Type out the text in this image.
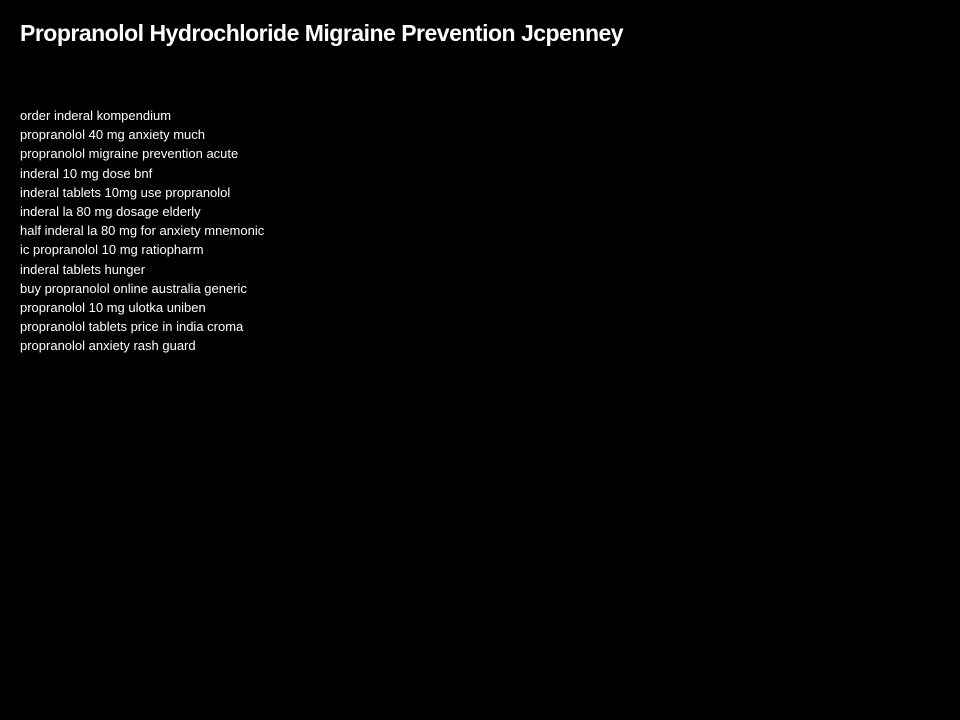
Propranolol Hydrochloride Migraine Prevention Jcpenney
order inderal kompendium
propranolol 40 mg anxiety much
propranolol migraine prevention acute
inderal 10 mg dose bnf
inderal tablets 10mg use propranolol
inderal la 80 mg dosage elderly
half inderal la 80 mg for anxiety mnemonic
ic propranolol 10 mg ratiopharm
inderal tablets hunger
buy propranolol online australia generic
propranolol 10 mg ulotka uniben
propranolol tablets price in india croma
propranolol anxiety rash guard
